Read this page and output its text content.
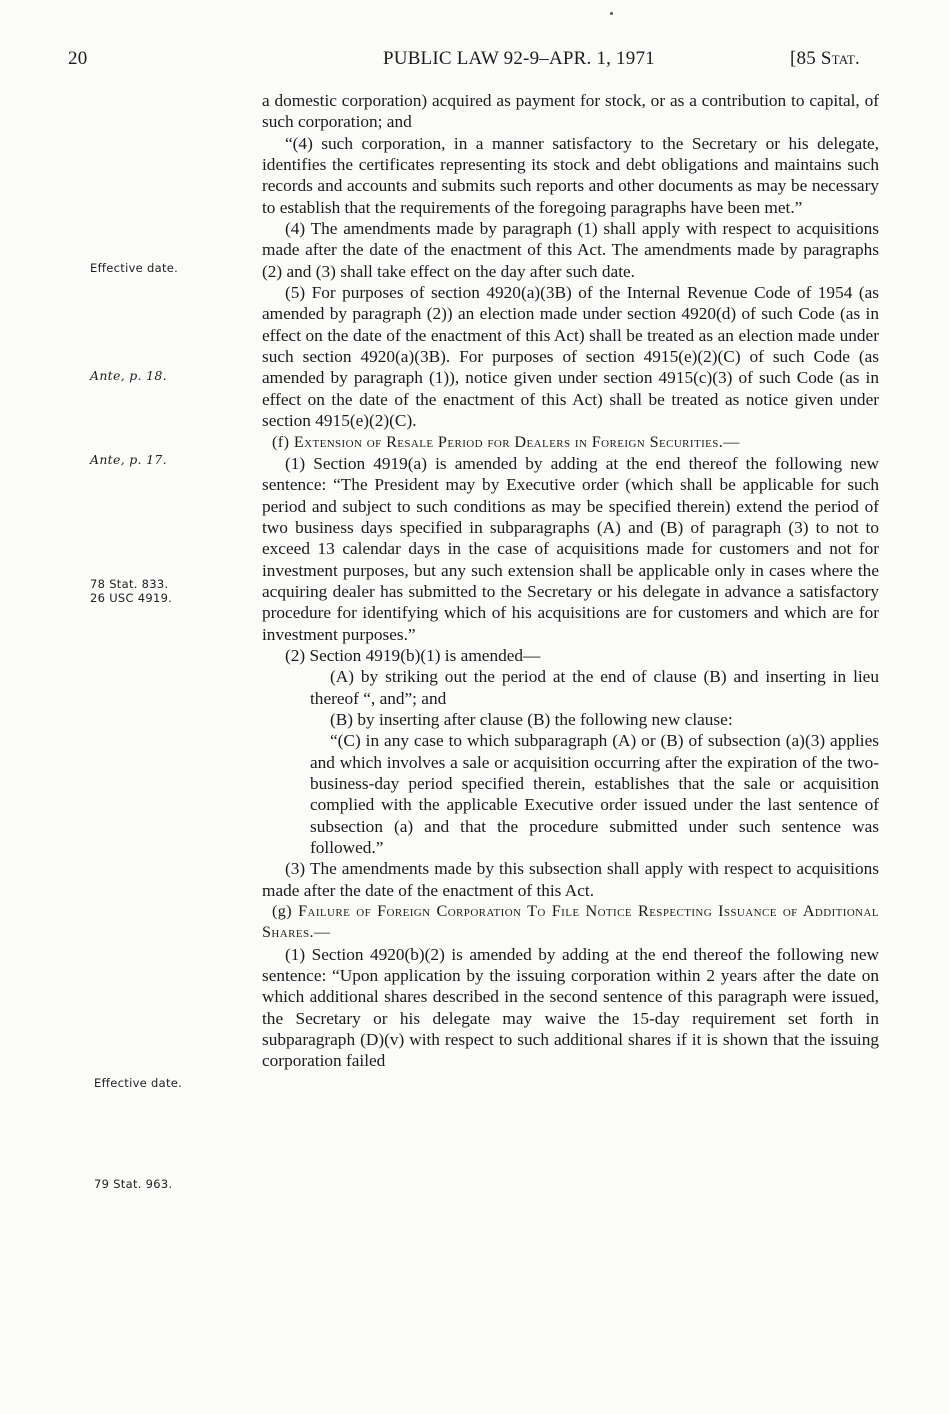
20	PUBLIC LAW 92-9–APR. 1, 1971	[85 Stat.
Effective date.
Ante, p. 18.
Ante, p. 17.
78 Stat. 833.
26 USC 4919.
Effective date.
79 Stat. 963.

a domestic corporation) acquired as payment for stock, or as a contribution to capital, of such corporation; and

“(4) such corporation, in a manner satisfactory to the Secretary or his delegate, identifies the certificates representing its stock and debt obligations and maintains such records and accounts and submits such reports and other documents as may be necessary to establish that the requirements of the foregoing paragraphs have been met.”

(4) The amendments made by paragraph (1) shall apply with respect to acquisitions made after the date of the enactment of this Act. The amendments made by paragraphs (2) and (3) shall take effect on the day after such date.

(5) For purposes of section 4920(a)(3B) of the Internal Revenue Code of 1954 (as amended by paragraph (2)) an election made under section 4920(d) of such Code (as in effect on the date of the enactment of this Act) shall be treated as an election made under such section 4920(a)(3B). For purposes of section 4915(e)(2)(C) of such Code (as amended by paragraph (1)), notice given under section 4915(c)(3) of such Code (as in effect on the date of the enactment of this Act) shall be treated as notice given under section 4915(e)(2)(C).

(f) Extension of Resale Period for Dealers in Foreign Securities.—

(1) Section 4919(a) is amended by adding at the end thereof the following new sentence: “The President may by Executive order (which shall be applicable for such period and subject to such conditions as may be specified therein) extend the period of two business days specified in subparagraphs (A) and (B) of paragraph (3) to not to exceed 13 calendar days in the case of acquisitions made for customers and not for investment purposes, but any such extension shall be applicable only in cases where the acquiring dealer has submitted to the Secretary or his delegate in advance a satisfactory procedure for identifying which of his acquisitions are for customers and which are for investment purposes.”

(2) Section 4919(b)(1) is amended—

(A) by striking out the period at the end of clause (B) and inserting in lieu thereof “, and”; and

(B) by inserting after clause (B) the following new clause:

“(C) in any case to which subparagraph (A) or (B) of subsection (a)(3) applies and which involves a sale or acquisition occurring after the expiration of the two-business-day period specified therein, establishes that the sale or acquisition complied with the applicable Executive order issued under the last sentence of subsection (a) and that the procedure submitted under such sentence was followed.”

(3) The amendments made by this subsection shall apply with respect to acquisitions made after the date of the enactment of this Act.

(g) Failure of Foreign Corporation To File Notice Respecting Issuance of Additional Shares.—

(1) Section 4920(b)(2) is amended by adding at the end thereof the following new sentence: “Upon application by the issuing corporation within 2 years after the date on which additional shares described in the second sentence of this paragraph were issued, the Secretary or his delegate may waive the 15-day requirement set forth in subparagraph (D)(v) with respect to such additional shares if it is shown that the issuing corporation failed
